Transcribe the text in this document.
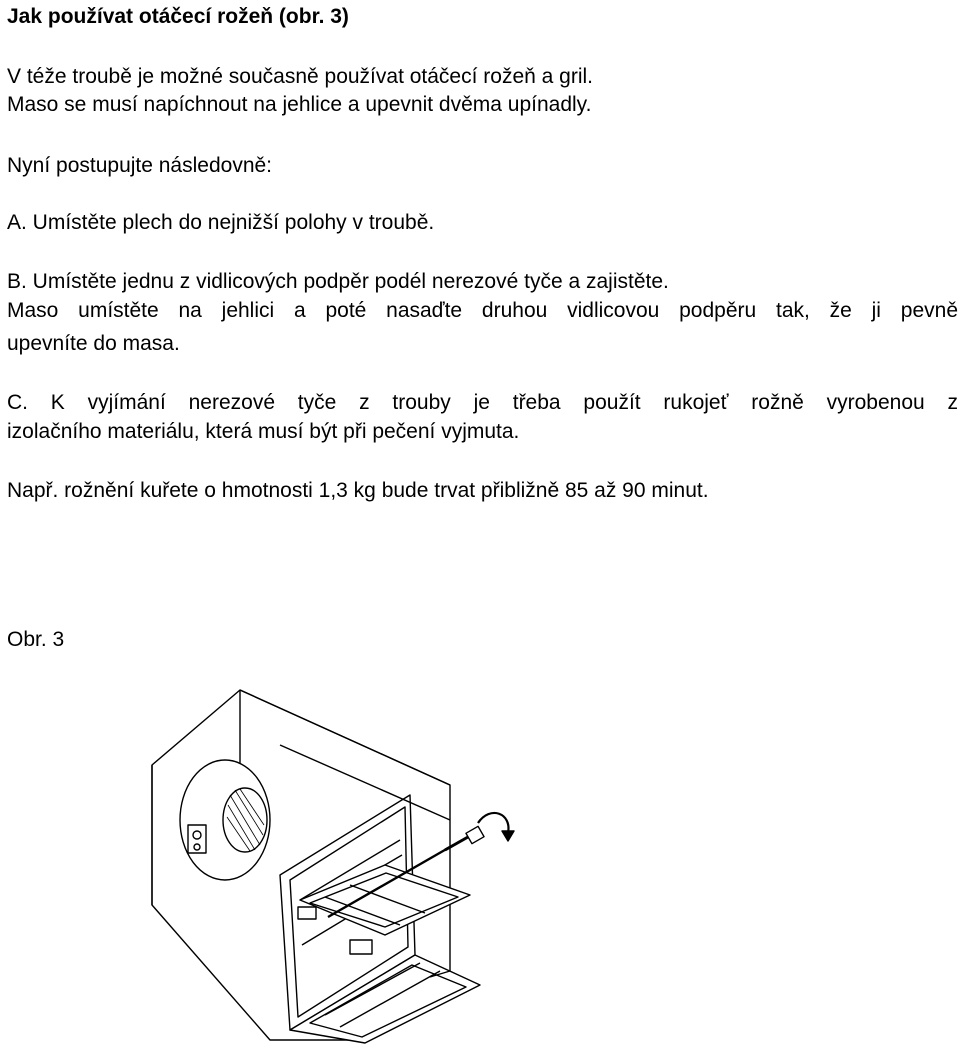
Jak používat otáčecí rožeň (obr. 3)
V téže troubě je možné současně používat otáčecí rožeň a gril.
Maso se musí napíchnout na jehlice a upevnit dvěma upínadly.
Nyní postupujte následovně:
A. Umístěte plech do nejnižší polohy v troubě.
B. Umístěte jednu z vidlicových podpěr podél nerezové tyče a zajistěte.
Maso umístěte na jehlici a poté nasaďte druhou vidlicovou podpěru tak, že ji pevně
upevníte do masa.
C. K vyjímání nerezové tyče z trouby je třeba použít rukojeť rožně vyrobenou z
izolačního materiálu, která musí být při pečení vyjmuta.
Např. rožnění kuřete o hmotnosti 1,3 kg bude trvat přibližně 85 až 90 minut.
Obr. 3
